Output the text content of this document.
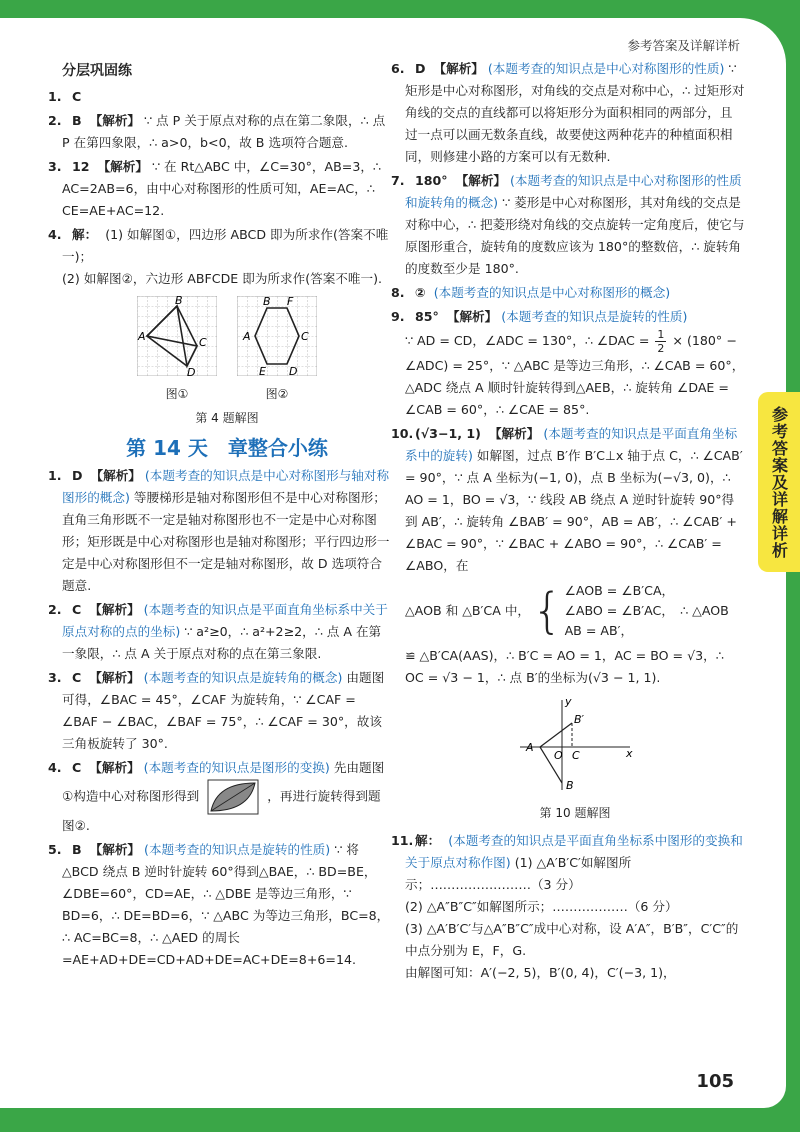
参考答案及详解详析
参考答案及详解详析
分层巩固练
1. C
2. B 【解析】 ∵ 点 P 关于原点对称的点在第二象限，∴ 点 P 在第四象限，∴ a>0，b<0，故 B 选项符合题意.
3. 12 【解析】 ∵ 在 Rt△ABC 中，∠C=30°，AB=3，∴ AC=2AB=6，由中心对称图形的性质可知，AE=AC，∴ CE=AE+AC=12.
4. 解： (1) 如解图①，四边形 ABCD 即为所求作(答案不唯一)；
(2) 如解图②，六边形 ABFCDE 即为所求作(答案不唯一).
B
A	C
D
图①
B F
A	C
E D
图②
第 4 题解图
第 14 天　章整合小练
1. D 【解析】 (本题考查的知识点是中心对称图形与轴对称图形的概念) 等腰梯形是轴对称图形但不是中心对称图形；直角三角形既不一定是轴对称图形也不一定是中心对称图形；矩形既是中心对称图形也是轴对称图形；平行四边形一定是中心对称图形但不一定是轴对称图形，故 D 选项符合题意.
2. C 【解析】 (本题考查的知识点是平面直角坐标系中关于原点对称的点的坐标) ∵ a²≥0，∴ a²+2≥2，∴ 点 A 在第一象限，∴ 点 A 关于原点对称的点在第三象限.
3. C 【解析】 (本题考查的知识点是旋转角的概念) 由题图可得，∠BAC = 45°，∠CAF 为旋转角，∵ ∠CAF = ∠BAF − ∠BAC，∠BAF = 75°，∴ ∠CAF = 30°，故该三角板旋转了 30°.
4. C 【解析】 (本题考查的知识点是图形的变换) 先由题图①构造中心对称图形得到	，再进行旋转得到题图②.
5. B 【解析】 (本题考查的知识点是旋转的性质) ∵ 将△BCD 绕点 B 逆时针旋转 60°得到△BAE，∴ BD=BE，∠DBE=60°，CD=AE，∴ △DBE 是等边三角形，∵ BD=6，∴ DE=BD=6，∵ △ABC 为等边三角形，BC=8，∴ AC=BC=8，∴ △AED 的周长 =AE+AD+DE=CD+AD+DE=AC+DE=8+6=14.
6. D 【解析】 (本题考查的知识点是中心对称图形的性质) ∵ 矩形是中心对称图形，对角线的交点是对称中心，∴ 过矩形对角线的交点的直线都可以将矩形分为面积相同的两部分，且过一点可以画无数条直线，故要使这两种花卉的种植面积相同，则修建小路的方案可以有无数种.
7. 180° 【解析】 (本题考查的知识点是中心对称图形的性质和旋转角的概念) ∵ 菱形是中心对称图形，其对角线的交点是对称中心，∴ 把菱形绕对角线的交点旋转一定角度后，使它与原图形重合，旋转角的度数应该为 180°的整数倍，∴ 旋转角的度数至少是 180°.
8. ② (本题考查的知识点是中心对称图形的概念)
9. 85° 【解析】 (本题考查的知识点是旋转的性质)
∵ AD = CD，∠ADC = 130°，∴ ∠DAC = $\frac{1}{2} \times (180^\circ$ −
∠ADC) = 25°，∵ △ABC 是等边三角形，∴ ∠CAB = 60°，△ADC 绕点 A 顺时针旋转得到△AEB，∴ 旋转角 ∠DAE = ∠CAB = 60°，∴ ∠CAE = 85°.
10. (√3−1, 1) 【解析】 (本题考查的知识点是平面直角坐标系中的旋转) 如解图，过点 B′作 B′C⊥x 轴于点 C，∴ ∠CAB′ = 90°，∵ 点 A 坐标为(−1, 0)，点 B 坐标为(−√3, 0)，∴ AO = 1，BO = √3，∵ 线段 AB 绕点 A 逆时针旋转 90°得到 AB′，∴ 旋转角 ∠BAB′ = 90°，AB = AB′，∴ ∠CAB′ + ∠BAC = 90°，∵ ∠BAC + ∠ABO = 90°，∴ ∠CAB′ = ∠ABO，在
△AOB 和 △B′CA 中， { ∠AOB = ∠B′CA，
∠ABO = ∠B′AC，
AB = AB′，
∴ △AOB
≌ △B′CA(AAS)，∴ B′C = AO = 1，AC = BO = √3，∴ OC = √3 − 1，∴ 点 B′的坐标为(√3 − 1, 1).
y
B′
A
O C	x
B
第 10 题解图
11. 解： (本题考查的知识点是平面直角坐标系中图形的变换和关于原点对称作图) (1) △A′B′C′如解图所示；……………………（3 分）
(2) △A″B″C″如解图所示；………………（6 分）
(3) △A′B′C′与△A″B″C″成中心对称，设 A′A″，B′B″，C′C″的中点分别为 E，F，G.
由解图可知：A′(−2, 5)，B′(0, 4)，C′(−3, 1)，
105
